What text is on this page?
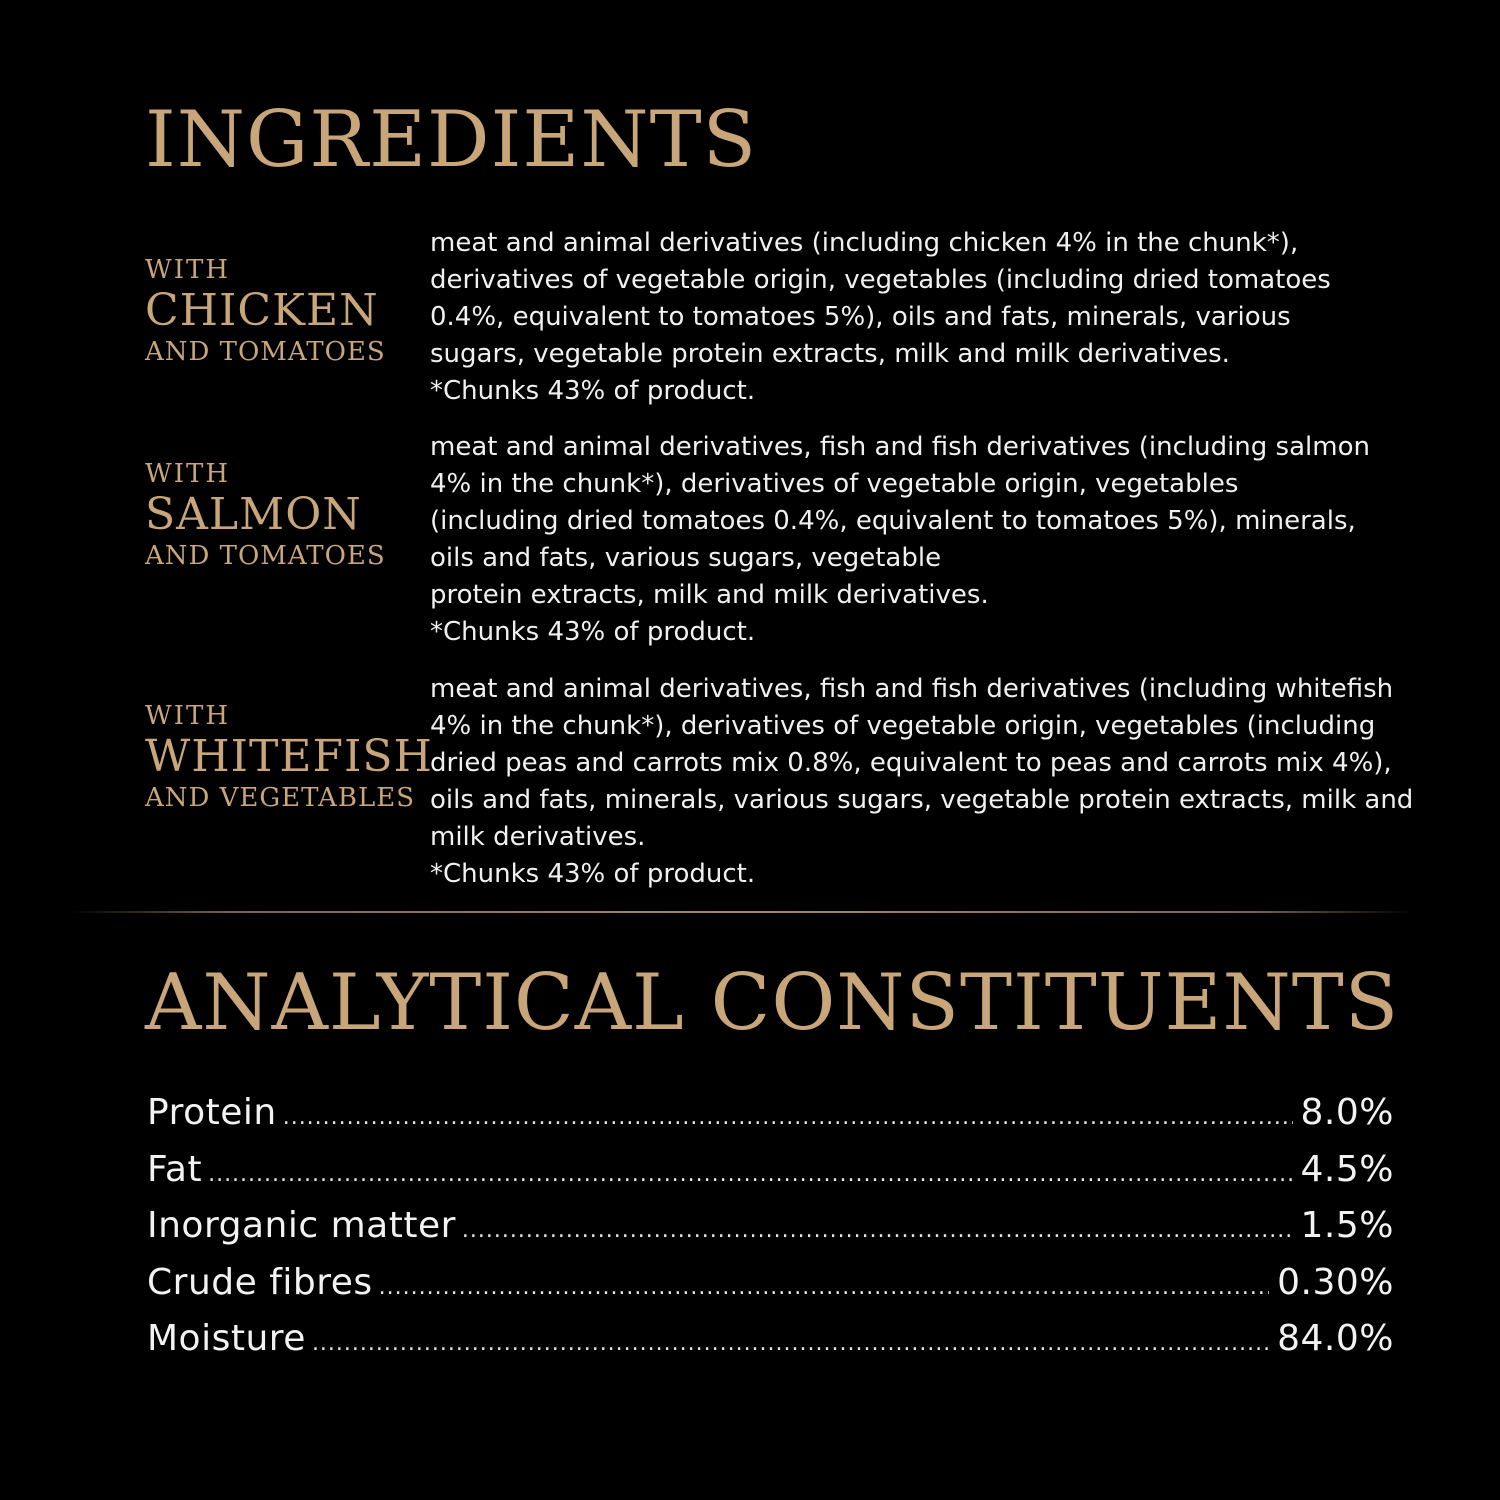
INGREDIENTS
WITH
CHICKEN
AND TOMATOES
meat and animal derivatives (including chicken 4% in the chunk*),
derivatives of vegetable origin, vegetables (including dried tomatoes
0.4%, equivalent to tomatoes 5%), oils and fats, minerals, various
sugars, vegetable protein extracts, milk and milk derivatives.
*Chunks 43% of product.
WITH
SALMON
AND TOMATOES
meat and animal derivatives, fish and fish derivatives (including salmon
4% in the chunk*), derivatives of vegetable origin, vegetables
(including dried tomatoes 0.4%, equivalent to tomatoes 5%), minerals,
oils and fats, various sugars, vegetable
protein extracts, milk and milk derivatives.
*Chunks 43% of product.
WITH
WHITEFISH
AND VEGETABLES
meat and animal derivatives, fish and fish derivatives (including whitefish
4% in the chunk*), derivatives of vegetable origin, vegetables (including
dried peas and carrots mix 0.8%, equivalent to peas and carrots mix 4%),
oils and fats, minerals, various sugars, vegetable protein extracts, milk and
milk derivatives.
*Chunks 43% of product.
ANALYTICAL CONSTITUENTS
Protein .....	8.0%
Fat .....	4.5%
Inorganic matter .....	1.5%
Crude fibres .....	0.30%
Moisture .....	84.0%
